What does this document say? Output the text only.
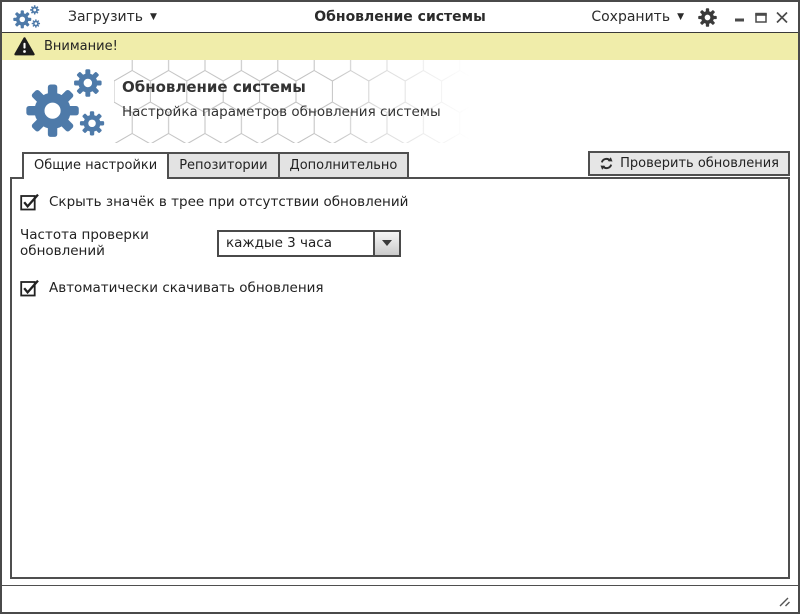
Загрузить ▼	Обновление системы	Сохранить ▼
Внимание!
Обновление системы
Настройка параметров обновления системы
Общие настройки	Репозитории	Дополнительно	Проверить обновления
Скрыть значёк в трее при отсутствии обновлений
Частота проверки обновлений	каждые 3 часа
Автоматически скачивать обновления
